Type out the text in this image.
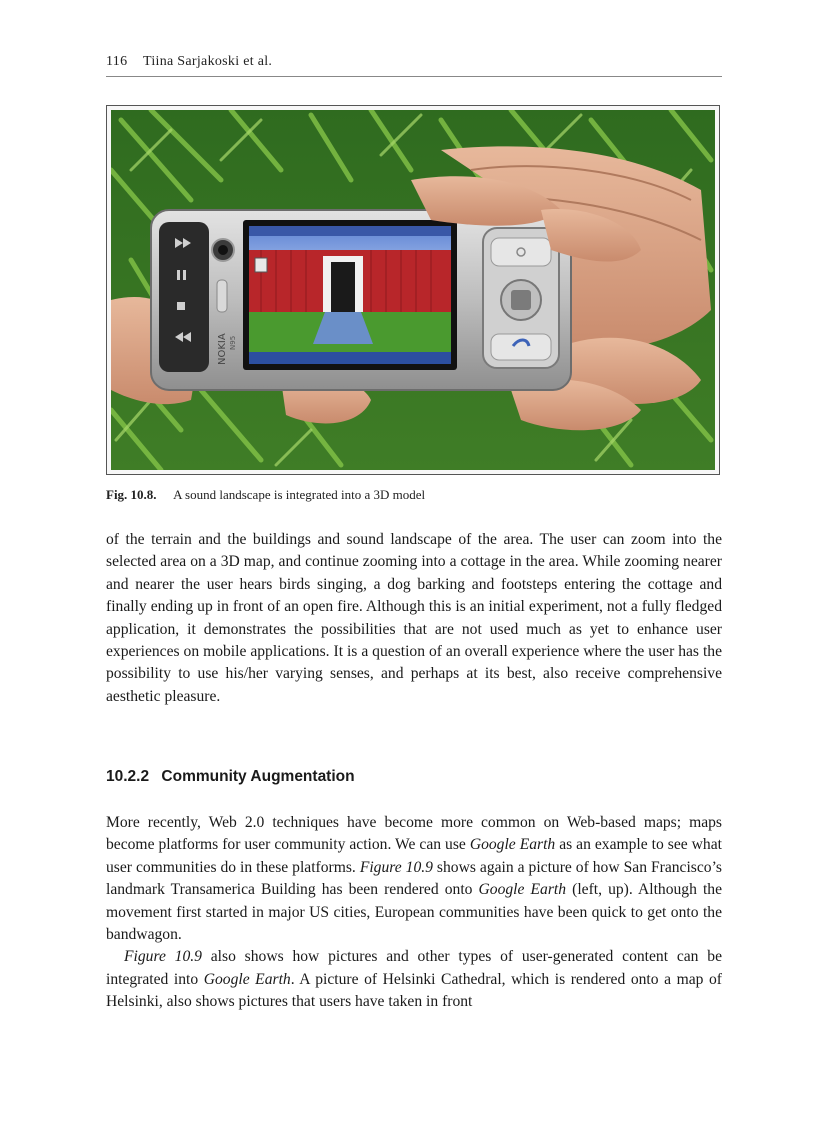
116 Tiina Sarjakoski et al.
NOKIA N95
Fig. 10.8. A sound landscape is integrated into a 3D model

of the terrain and the buildings and sound landscape of the area. The user can zoom into the selected area on a 3D map, and continue zooming into a cottage in the area. While zooming nearer and nearer the user hears birds singing, a dog barking and footsteps entering the cottage and finally ending up in front of an open fire. Although this is an initial experiment, not a fully fledged application, it demonstrates the possibilities that are not used much as yet to enhance user experiences on mobile applications. It is a question of an overall experience where the user has the possibility to use his/her varying senses, and perhaps at its best, also receive comprehensive aesthetic pleasure.

10.2.2 Community Augmentation

More recently, Web 2.0 techniques have become more common on Web-based maps; maps become platforms for user community action. We can use Google Earth as an example to see what user communities do in these platforms. Figure 10.9 shows again a picture of how San Francisco’s landmark Transamerica Building has been rendered onto Google Earth (left, up). Although the movement first started in major US cities, European communities have been quick to get onto the bandwagon.

Figure 10.9 also shows how pictures and other types of user-generated content can be integrated into Google Earth. A picture of Helsinki Cathedral, which is rendered onto a map of Helsinki, also shows pictures that users have taken in front
